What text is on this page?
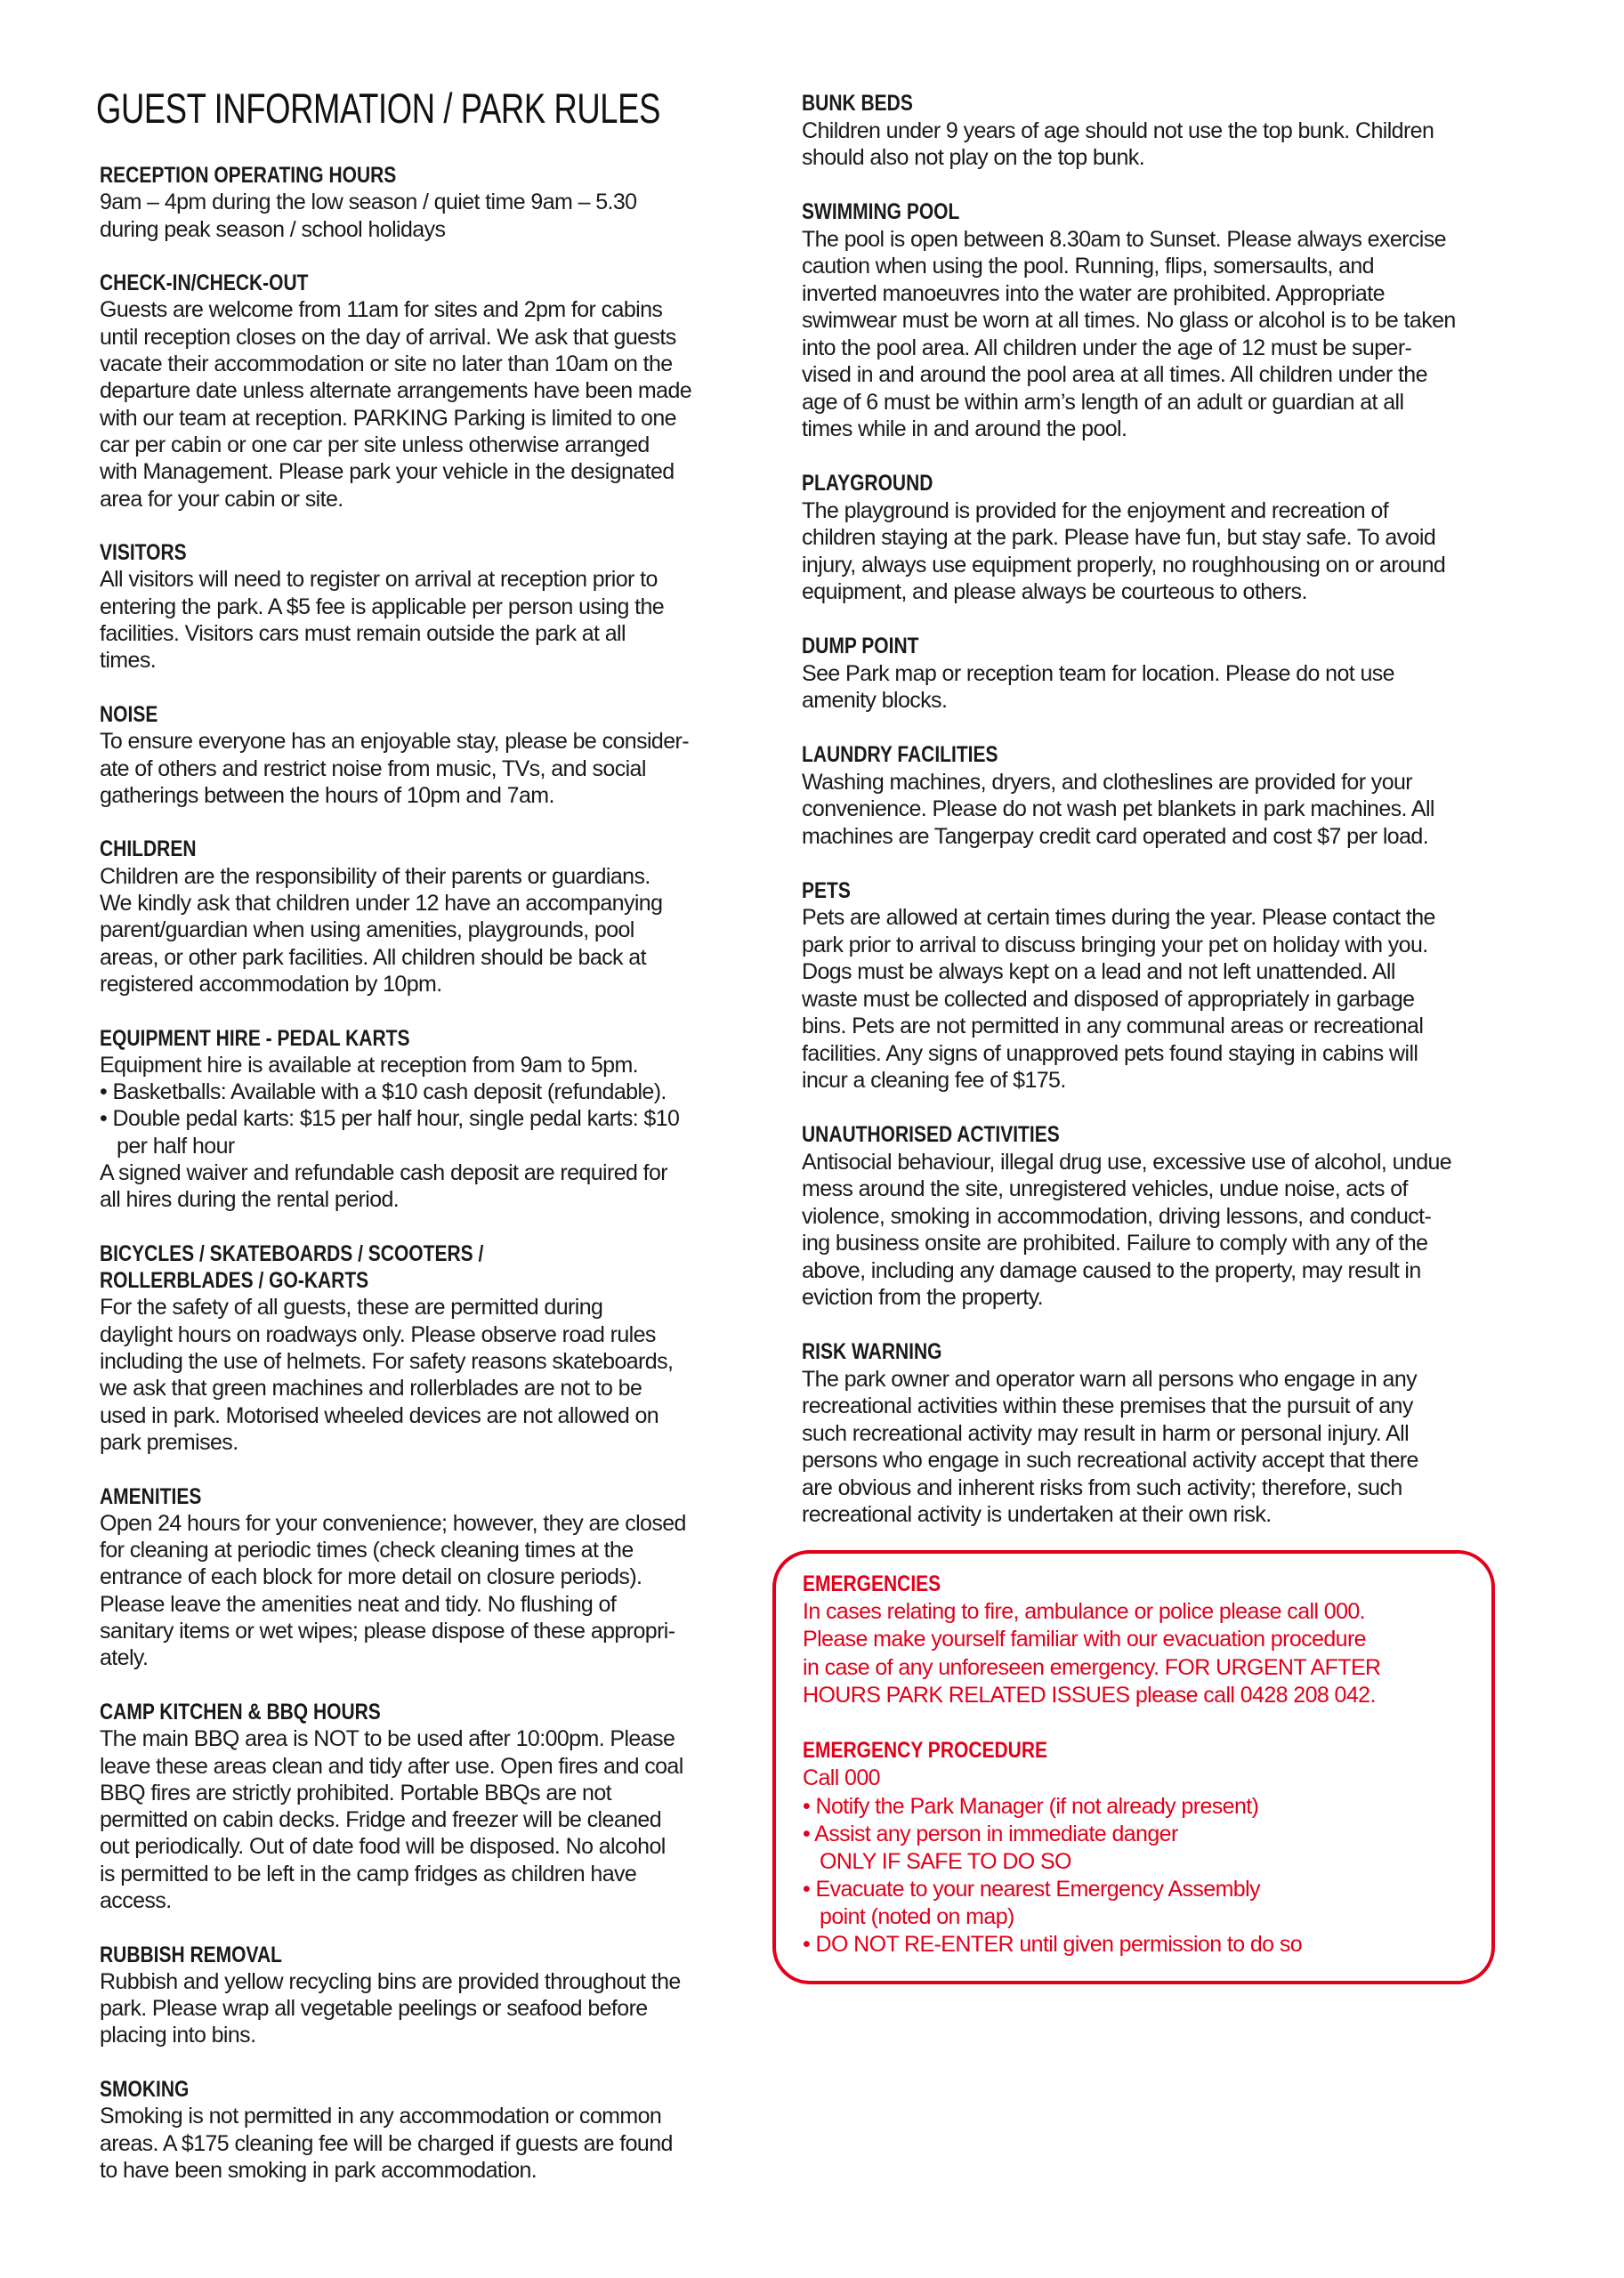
GUEST INFORMATION / PARK RULES
RECEPTION OPERATING HOURS
9am – 4pm during the low season / quiet time 9am – 5.30
during peak season / school holidays
CHECK-IN/CHECK-OUT
Guests are welcome from 11am for sites and 2pm for cabins
until reception closes on the day of arrival. We ask that guests
vacate their accommodation or site no later than 10am on the
departure date unless alternate arrangements have been made
with our team at reception. PARKING Parking is limited to one
car per cabin or one car per site unless otherwise arranged
with Management. Please park your vehicle in the designated
area for your cabin or site.
VISITORS
All visitors will need to register on arrival at reception prior to
entering the park. A $5 fee is applicable per person using the
facilities. Visitors cars must remain outside the park at all
times.
NOISE
To ensure everyone has an enjoyable stay, please be consider-
ate of others and restrict noise from music, TVs, and social
gatherings between the hours of 10pm and 7am.
CHILDREN
Children are the responsibility of their parents or guardians.
We kindly ask that children under 12 have an accompanying
parent/guardian when using amenities, playgrounds, pool
areas, or other park facilities. All children should be back at
registered accommodation by 10pm.
EQUIPMENT HIRE - PEDAL KARTS
Equipment hire is available at reception from 9am to 5pm.
• Basketballs: Available with a $10 cash deposit (refundable).
• Double pedal karts: $15 per half hour, single pedal karts: $10
per half hour
A signed waiver and refundable cash deposit are required for
all hires during the rental period.
BICYCLES / SKATEBOARDS / SCOOTERS /
ROLLERBLADES / GO-KARTS
For the safety of all guests, these are permitted during
daylight hours on roadways only. Please observe road rules
including the use of helmets. For safety reasons skateboards,
we ask that green machines and rollerblades are not to be
used in park. Motorised wheeled devices are not allowed on
park premises.
AMENITIES
Open 24 hours for your convenience; however, they are closed
for cleaning at periodic times (check cleaning times at the
entrance of each block for more detail on closure periods).
Please leave the amenities neat and tidy. No flushing of
sanitary items or wet wipes; please dispose of these appropri-
ately.
CAMP KITCHEN & BBQ HOURS
The main BBQ area is NOT to be used after 10:00pm. Please
leave these areas clean and tidy after use. Open fires and coal
BBQ fires are strictly prohibited. Portable BBQs are not
permitted on cabin decks. Fridge and freezer will be cleaned
out periodically. Out of date food will be disposed. No alcohol
is permitted to be left in the camp fridges as children have
access.
RUBBISH REMOVAL
Rubbish and yellow recycling bins are provided throughout the
park. Please wrap all vegetable peelings or seafood before
placing into bins.
SMOKING
Smoking is not permitted in any accommodation or common
areas. A $175 cleaning fee will be charged if guests are found
to have been smoking in park accommodation.
BUNK BEDS
Children under 9 years of age should not use the top bunk. Children
should also not play on the top bunk.
SWIMMING POOL
The pool is open between 8.30am to Sunset. Please always exercise
caution when using the pool. Running, flips, somersaults, and
inverted manoeuvres into the water are prohibited. Appropriate
swimwear must be worn at all times. No glass or alcohol is to be taken
into the pool area. All children under the age of 12 must be super-
vised in and around the pool area at all times. All children under the
age of 6 must be within arm’s length of an adult or guardian at all
times while in and around the pool.
PLAYGROUND
The playground is provided for the enjoyment and recreation of
children staying at the park. Please have fun, but stay safe. To avoid
injury, always use equipment properly, no roughhousing on or around
equipment, and please always be courteous to others.
DUMP POINT
See Park map or reception team for location. Please do not use
amenity blocks.
LAUNDRY FACILITIES
Washing machines, dryers, and clotheslines are provided for your
convenience. Please do not wash pet blankets in park machines. All
machines are Tangerpay credit card operated and cost $7 per load.
PETS
Pets are allowed at certain times during the year. Please contact the
park prior to arrival to discuss bringing your pet on holiday with you.
Dogs must be always kept on a lead and not left unattended. All
waste must be collected and disposed of appropriately in garbage
bins. Pets are not permitted in any communal areas or recreational
facilities. Any signs of unapproved pets found staying in cabins will
incur a cleaning fee of $175.
UNAUTHORISED ACTIVITIES
Antisocial behaviour, illegal drug use, excessive use of alcohol, undue
mess around the site, unregistered vehicles, undue noise, acts of
violence, smoking in accommodation, driving lessons, and conduct-
ing business onsite are prohibited. Failure to comply with any of the
above, including any damage caused to the property, may result in
eviction from the property.
RISK WARNING
The park owner and operator warn all persons who engage in any
recreational activities within these premises that the pursuit of any
such recreational activity may result in harm or personal injury. All
persons who engage in such recreational activity accept that there
are obvious and inherent risks from such activity; therefore, such
recreational activity is undertaken at their own risk.
EMERGENCIES
In cases relating to fire, ambulance or police please call 000.
Please make yourself familiar with our evacuation procedure
in case of any unforeseen emergency. FOR URGENT AFTER
HOURS PARK RELATED ISSUES please call 0428 208 042.
EMERGENCY PROCEDURE
Call 000
• Notify the Park Manager (if not already present)
• Assist any person in immediate danger
ONLY IF SAFE TO DO SO
• Evacuate to your nearest Emergency Assembly
point (noted on map)
• DO NOT RE-ENTER until given permission to do so
